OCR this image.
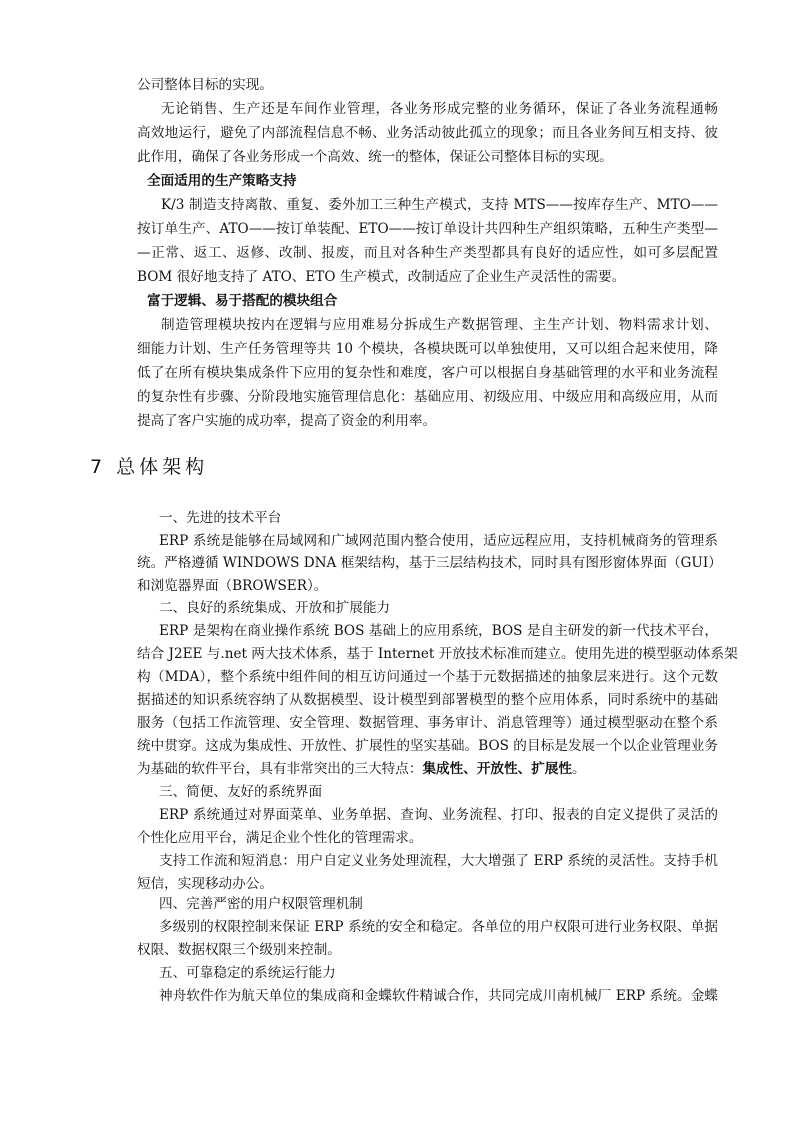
公司整体目标的实现。
无论销售、生产还是车间作业管理，各业务形成完整的业务循环，保证了各业务流程通畅
高效地运行，避免了内部流程信息不畅、业务活动彼此孤立的现象；而且各业务间互相支持、彼
此作用，确保了各业务形成一个高效、统一的整体，保证公司整体目标的实现。
全面适用的生产策略支持
K/3 制造支持离散、重复、委外加工三种生产模式，支持 MTS——按库存生产、MTO——
按订单生产、ATO——按订单装配、ETO——按订单设计共四种生产组织策略，五种生产类型—
—正常、返工、返修、改制、报废，而且对各种生产类型都具有良好的适应性，如可多层配置
BOM 很好地支持了 ATO、ETO 生产模式，改制适应了企业生产灵活性的需要。
富于逻辑、易于搭配的模块组合
制造管理模块按内在逻辑与应用难易分拆成生产数据管理、主生产计划、物料需求计划、
细能力计划、生产任务管理等共 10 个模块，各模块既可以单独使用，又可以组合起来使用，降
低了在所有模块集成条件下应用的复杂性和难度，客户可以根据自身基础管理的水平和业务流程
的复杂性有步骤、分阶段地实施管理信息化：基础应用、初级应用、中级应用和高级应用，从而
提高了客户实施的成功率，提高了资金的利用率。
7 总体架构
一、先进的技术平台
ERP 系统是能够在局域网和广域网范围内整合使用，适应远程应用，支持机械商务的管理系
统。严格遵循 WINDOWS DNA 框架结构，基于三层结构技术，同时具有图形窗体界面（GUI）
和浏览器界面（BROWSER）。
二、良好的系统集成、开放和扩展能力
ERP 是架构在商业操作系统 BOS 基础上的应用系统，BOS 是自主研发的新一代技术平台，
结合 J2EE 与.net 两大技术体系，基于 Internet 开放技术标准而建立。使用先进的模型驱动体系架
构（MDA），整个系统中组件间的相互访问通过一个基于元数据描述的抽象层来进行。这个元数
据描述的知识系统容纳了从数据模型、设计模型到部署模型的整个应用体系，同时系统中的基础
服务（包括工作流管理、安全管理、数据管理、事务审计、消息管理等）通过模型驱动在整个系
统中贯穿。这成为集成性、开放性、扩展性的坚实基础。BOS 的目标是发展一个以企业管理业务
为基础的软件平台，具有非常突出的三大特点：集成性、开放性、扩展性。
三、简便、友好的系统界面
ERP 系统通过对界面菜单、业务单据、查询、业务流程、打印、报表的自定义提供了灵活的
个性化应用平台，满足企业个性化的管理需求。
支持工作流和短消息：用户自定义业务处理流程，大大增强了 ERP 系统的灵活性。支持手机
短信，实现移动办公。
四、完善严密的用户权限管理机制
多级别的权限控制来保证 ERP 系统的安全和稳定。各单位的用户权限可进行业务权限、单据
权限、数据权限三个级别来控制。
五、可靠稳定的系统运行能力
神舟软件作为航天单位的集成商和金蝶软件精诚合作，共同完成川南机械厂 ERP 系统。金蝶
